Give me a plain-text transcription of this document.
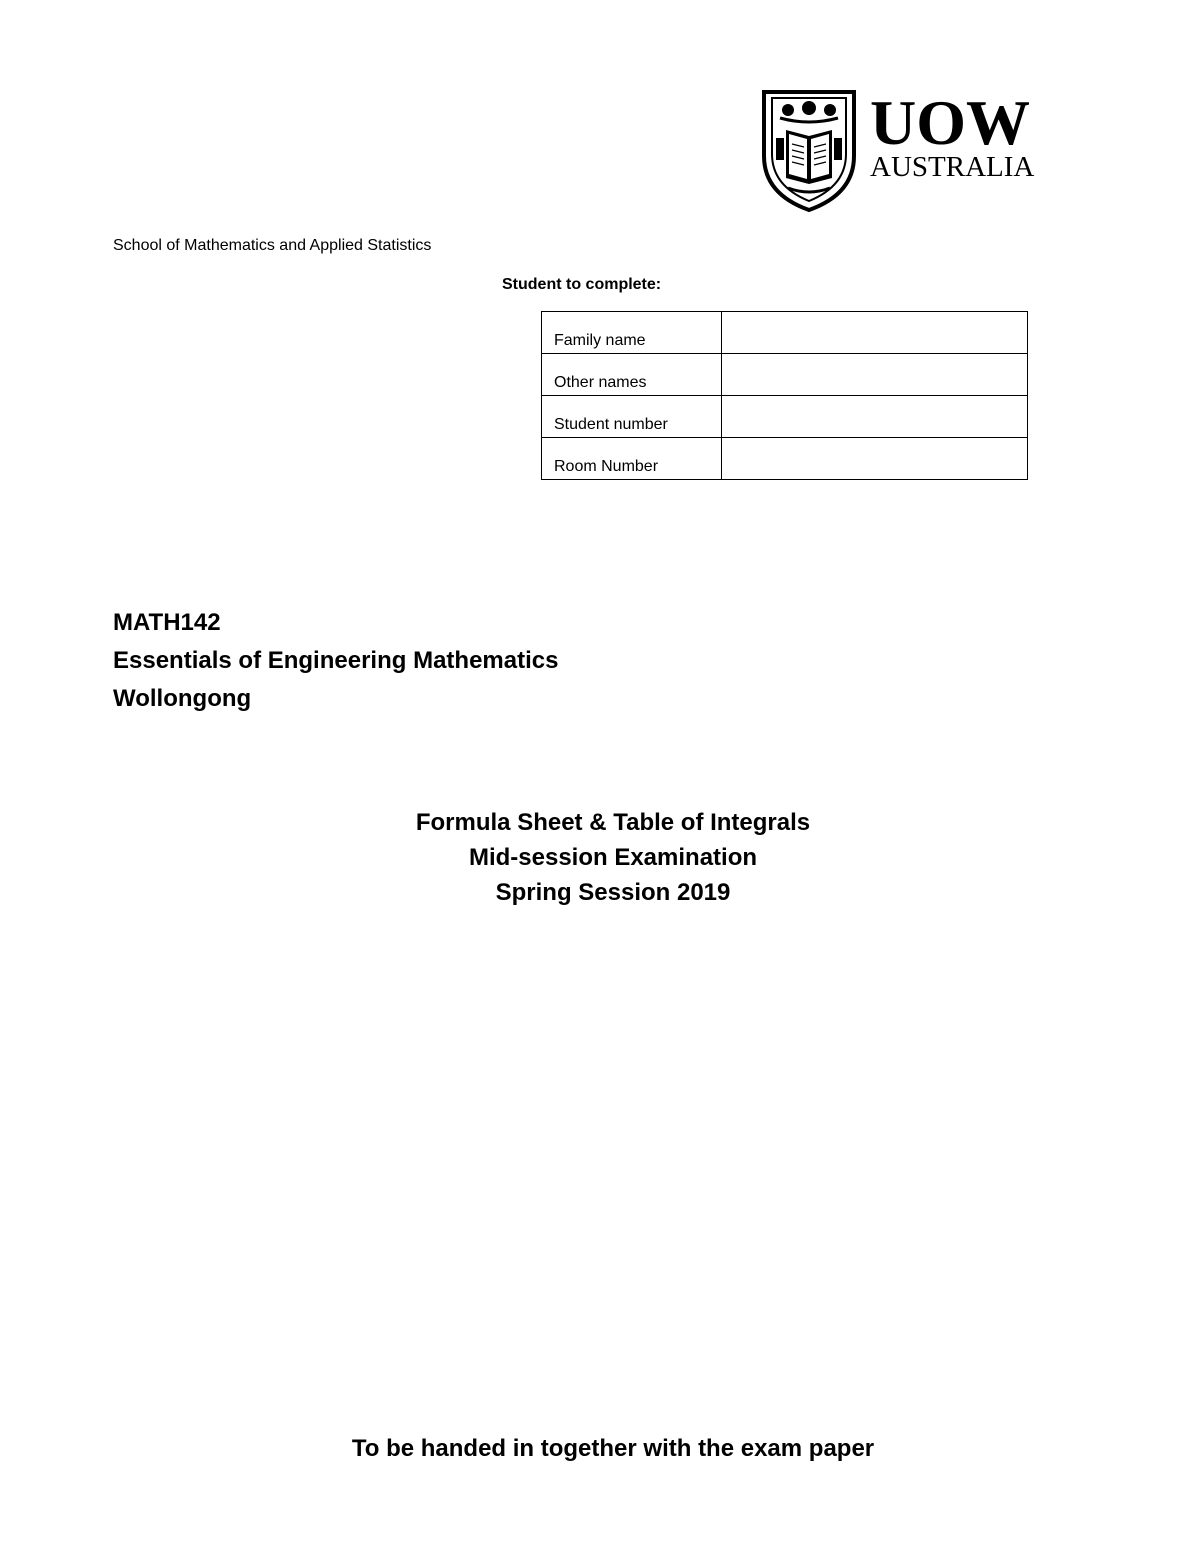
UOW
AUSTRALIA
School of Mathematics and Applied Statistics
Student to complete:
Family name	
Other names	
Student number	
Room Number	
MATH142
Essentials of Engineering Mathematics
Wollongong
Formula Sheet & Table of Integrals
Mid-session Examination
Spring Session 2019
To be handed in together with the exam paper
